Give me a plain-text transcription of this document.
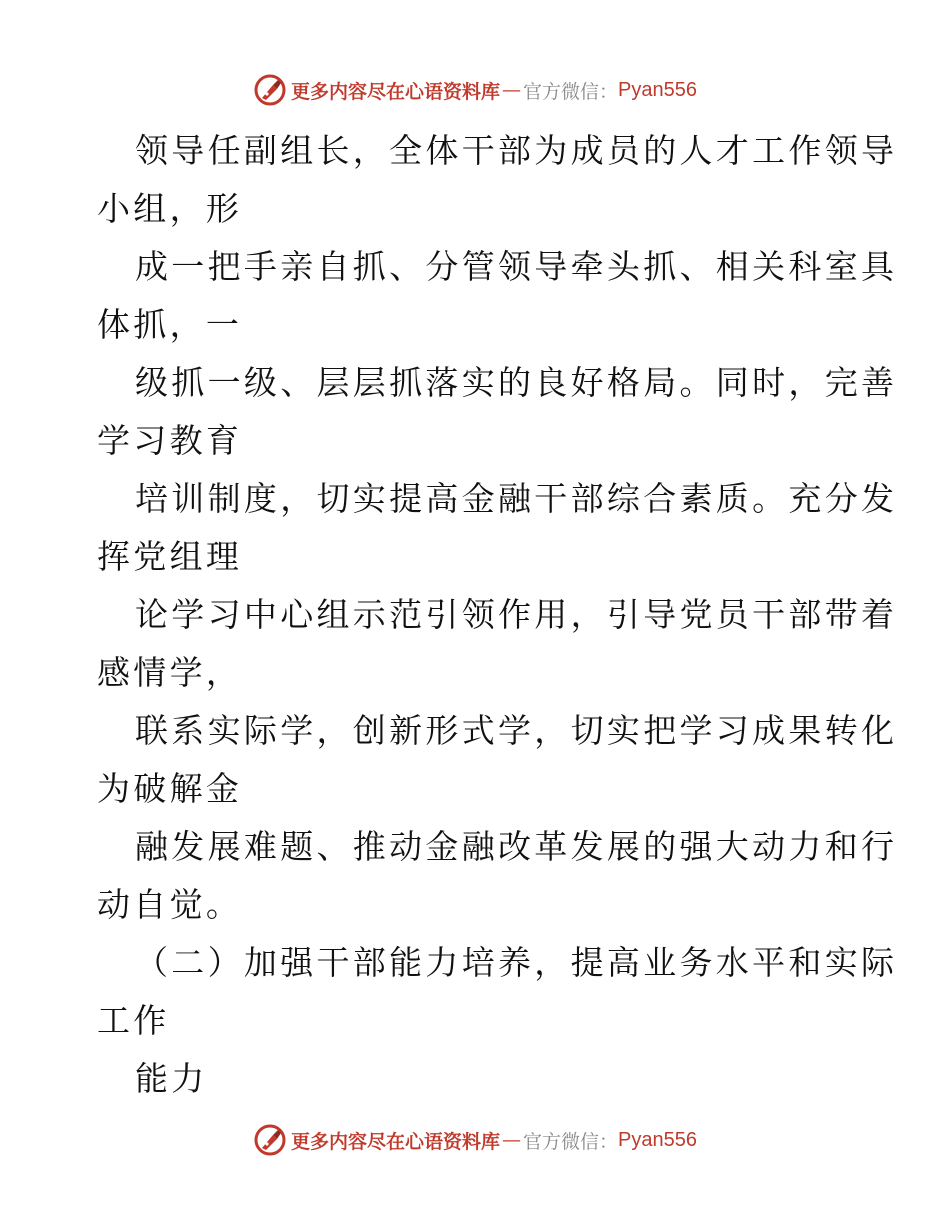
更多内容尽在心语资料库 — 官方微信： Pyan556
领导任副组长，全体干部为成员的人才工作领导
小组，形
成一把手亲自抓、分管领导牵头抓、相关科室具
体抓，一
级抓一级、层层抓落实的良好格局。同时，完善
学习教育
培训制度，切实提高金融干部综合素质。充分发
挥党组理
论学习中心组示范引领作用，引导党员干部带着
感情学，
联系实际学，创新形式学，切实把学习成果转化
为破解金
融发展难题、推动金融改革发展的强大动力和行
动自觉。
（二）加强干部能力培养，提高业务水平和实际
工作
能力
更多内容尽在心语资料库 — 官方微信： Pyan556
